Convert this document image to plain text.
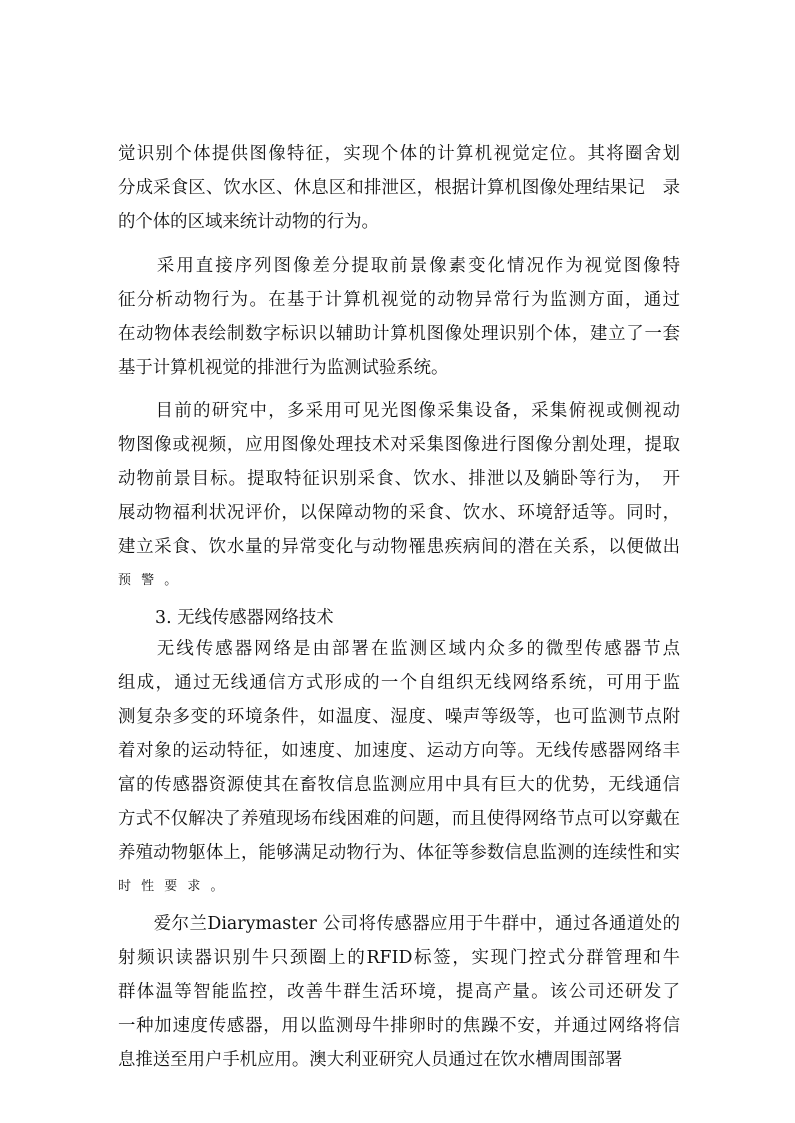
觉识别个体提供图像特征，实现个体的计算机视觉定位。其将圈舍划
分成采食区、饮水区、休息区和排泄区，根据计算机图像处理结果记　录
的个体的区域来统计动物的行为。
　　采用直接序列图像差分提取前景像素变化情况作为视觉图像特
征分析动物行为。在基于计算机视觉的动物异常行为监测方面，通过
在动物体表绘制数字标识以辅助计算机图像处理识别个体，建立了一套
基于计算机视觉的排泄行为监测试验系统。
　　目前的研究中，多采用可见光图像采集设备，采集俯视或侧视动
物图像或视频，应用图像处理技术对采集图像进行图像分割处理，提取
动物前景目标。提取特征识别采食、饮水、排泄以及躺卧等行为，　开
展动物福利状况评价，以保障动物的采食、饮水、环境舒适等。同时，
建立采食、饮水量的异常变化与动物罹患疾病间的潜在关系，以便做出
预 警 。
3. 无线传感器网络技术
　　无线传感器网络是由部署在监测区域内众多的微型传感器节点
组成，通过无线通信方式形成的一个自组织无线网络系统，可用于监
测复杂多变的环境条件，如温度、湿度、噪声等级等，也可监测节点附
着对象的运动特征，如速度、加速度、运动方向等。无线传感器网络丰
富的传感器资源使其在畜牧信息监测应用中具有巨大的优势，无线通信
方式不仅解决了养殖现场布线困难的问题，而且使得网络节点可以穿戴在
养殖动物躯体上，能够满足动物行为、体征等参数信息监测的连续性和实
时 性 要 求 。
　　爱尔兰Diarymaster 公司将传感器应用于牛群中，通过各通道处的
射频识读器识别牛只颈圈上的RFID标签，实现门控式分群管理和牛
群体温等智能监控，改善牛群生活环境，提高产量。该公司还研发了
一种加速度传感器，用以监测母牛排卵时的焦躁不安，并通过网络将信
息推送至用户手机应用。澳大利亚研究人员通过在饮水槽周围部署
